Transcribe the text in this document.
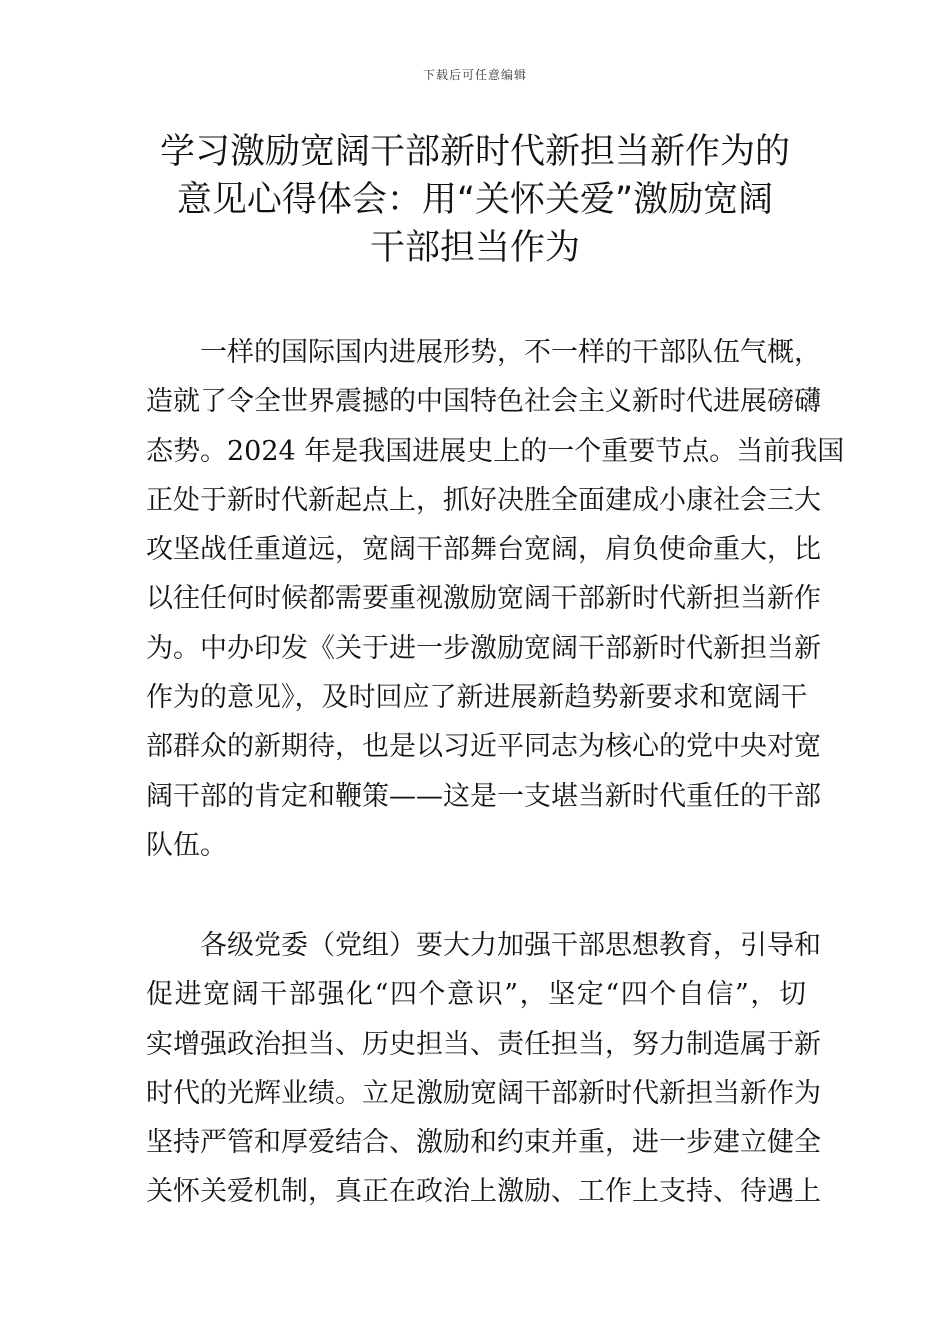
下载后可任意编辑
学习激励宽阔干部新时代新担当新作为的
意见心得体会：用“关怀关爱”激励宽阔
干部担当作为
一样的国际国内进展形势，不一样的干部队伍气概，
造就了令全世界震撼的中国特色社会主义新时代进展磅礴
态势。2024 年是我国进展史上的一个重要节点。当前我国
正处于新时代新起点上，抓好决胜全面建成小康社会三大
攻坚战任重道远，宽阔干部舞台宽阔，肩负使命重大，比
以往任何时候都需要重视激励宽阔干部新时代新担当新作
为。中办印发《关于进一步激励宽阔干部新时代新担当新
作为的意见》，及时回应了新进展新趋势新要求和宽阔干
部群众的新期待，也是以习近平同志为核心的党中央对宽
阔干部的肯定和鞭策——这是一支堪当新时代重任的干部
队伍。
各级党委（党组）要大力加强干部思想教育，引导和
促进宽阔干部强化“四个意识”，坚定“四个自信”，切
实增强政治担当、历史担当、责任担当，努力制造属于新
时代的光辉业绩。立足激励宽阔干部新时代新担当新作为
坚持严管和厚爱结合、激励和约束并重，进一步建立健全
关怀关爱机制，真正在政治上激励、工作上支持、待遇上
